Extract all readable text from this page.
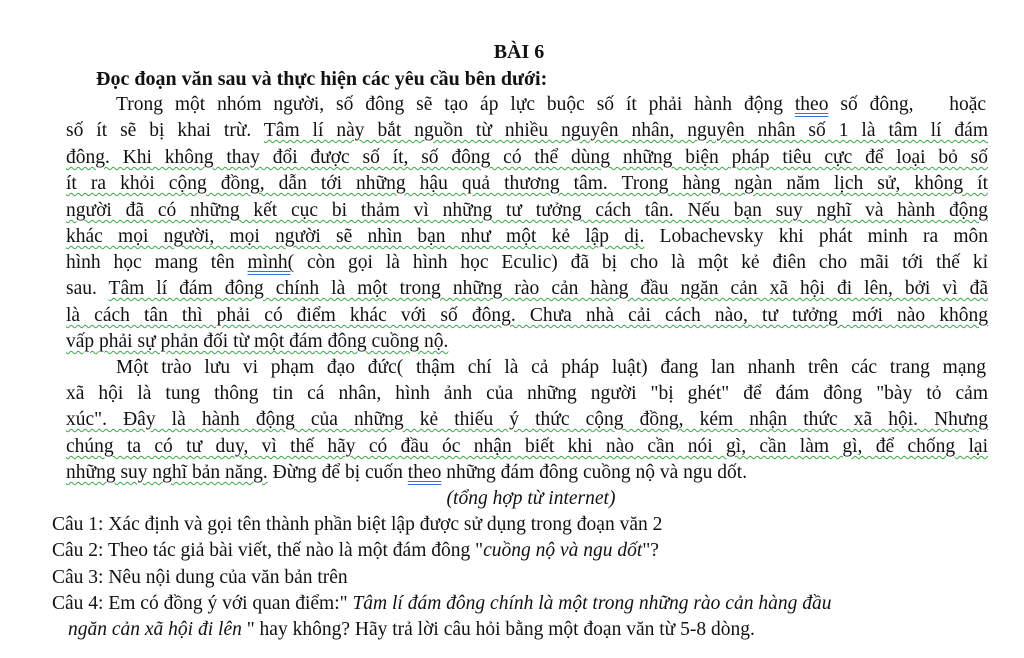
BÀI 6
Đọc đoạn văn sau và thực hiện các yêu cầu bên dưới:
Trong một nhóm người, số đông sẽ tạo áp lực buộc số ít phải hành động theo số đông, hoặc
số ít sẽ bị khai trừ. Tâm lí này bắt nguồn từ nhiều nguyên nhân, nguyên nhân số 1 là tâm lí đám
đông. Khi không thay đổi được số ít, số đông có thể dùng những biện pháp tiêu cực để loại bỏ số
ít ra khỏi cộng đồng, dẫn tới những hậu quả thương tâm. Trong hàng ngàn năm lịch sử, không ít
người đã có những kết cục bi thảm vì những tư tưởng cách tân. Nếu bạn suy nghĩ và hành động
khác mọi người, mọi người sẽ nhìn bạn như một kẻ lập dị. Lobachevsky khi phát minh ra môn
hình học mang tên mình( còn gọi là hình học Eculic) đã bị cho là một kẻ điên cho mãi tới thế kỉ
sau. Tâm lí đám đông chính là một trong những rào cản hàng đầu ngăn cản xã hội đi lên, bởi vì đã
là cách tân thì phải có điểm khác với số đông. Chưa nhà cải cách nào, tư tưởng mới nào không
vấp phải sự phản đối từ một đám đông cuồng nộ.
Một trào lưu vi phạm đạo đức( thậm chí là cả pháp luật) đang lan nhanh trên các trang mạng
xã hội là tung thông tin cá nhân, hình ảnh của những người "bị ghét" để đám đông "bày tỏ cảm
xúc". Đây là hành động của những kẻ thiếu ý thức cộng đồng, kém nhận thức xã hội. Nhưng
chúng ta có tư duy, vì thế hãy có đầu óc nhận biết khi nào cần nói gì, cần làm gì, để chống lại
những suy nghĩ bản năng. Đừng để bị cuốn theo những đám đông cuồng nộ và ngu dốt.
(tổng hợp từ internet)
Câu 1: Xác định và gọi tên thành phần biệt lập được sử dụng trong đoạn văn 2
Câu 2: Theo tác giả bài viết, thế nào là một đám đông "cuồng nộ và ngu dốt"?
Câu 3: Nêu nội dung của văn bản trên
Câu 4: Em có đồng ý với quan điểm:" Tâm lí đám đông chính là một trong những rào cản hàng đầu
ngăn cản xã hội đi lên " hay không? Hãy trả lời câu hỏi bằng một đoạn văn từ 5-8 dòng.
